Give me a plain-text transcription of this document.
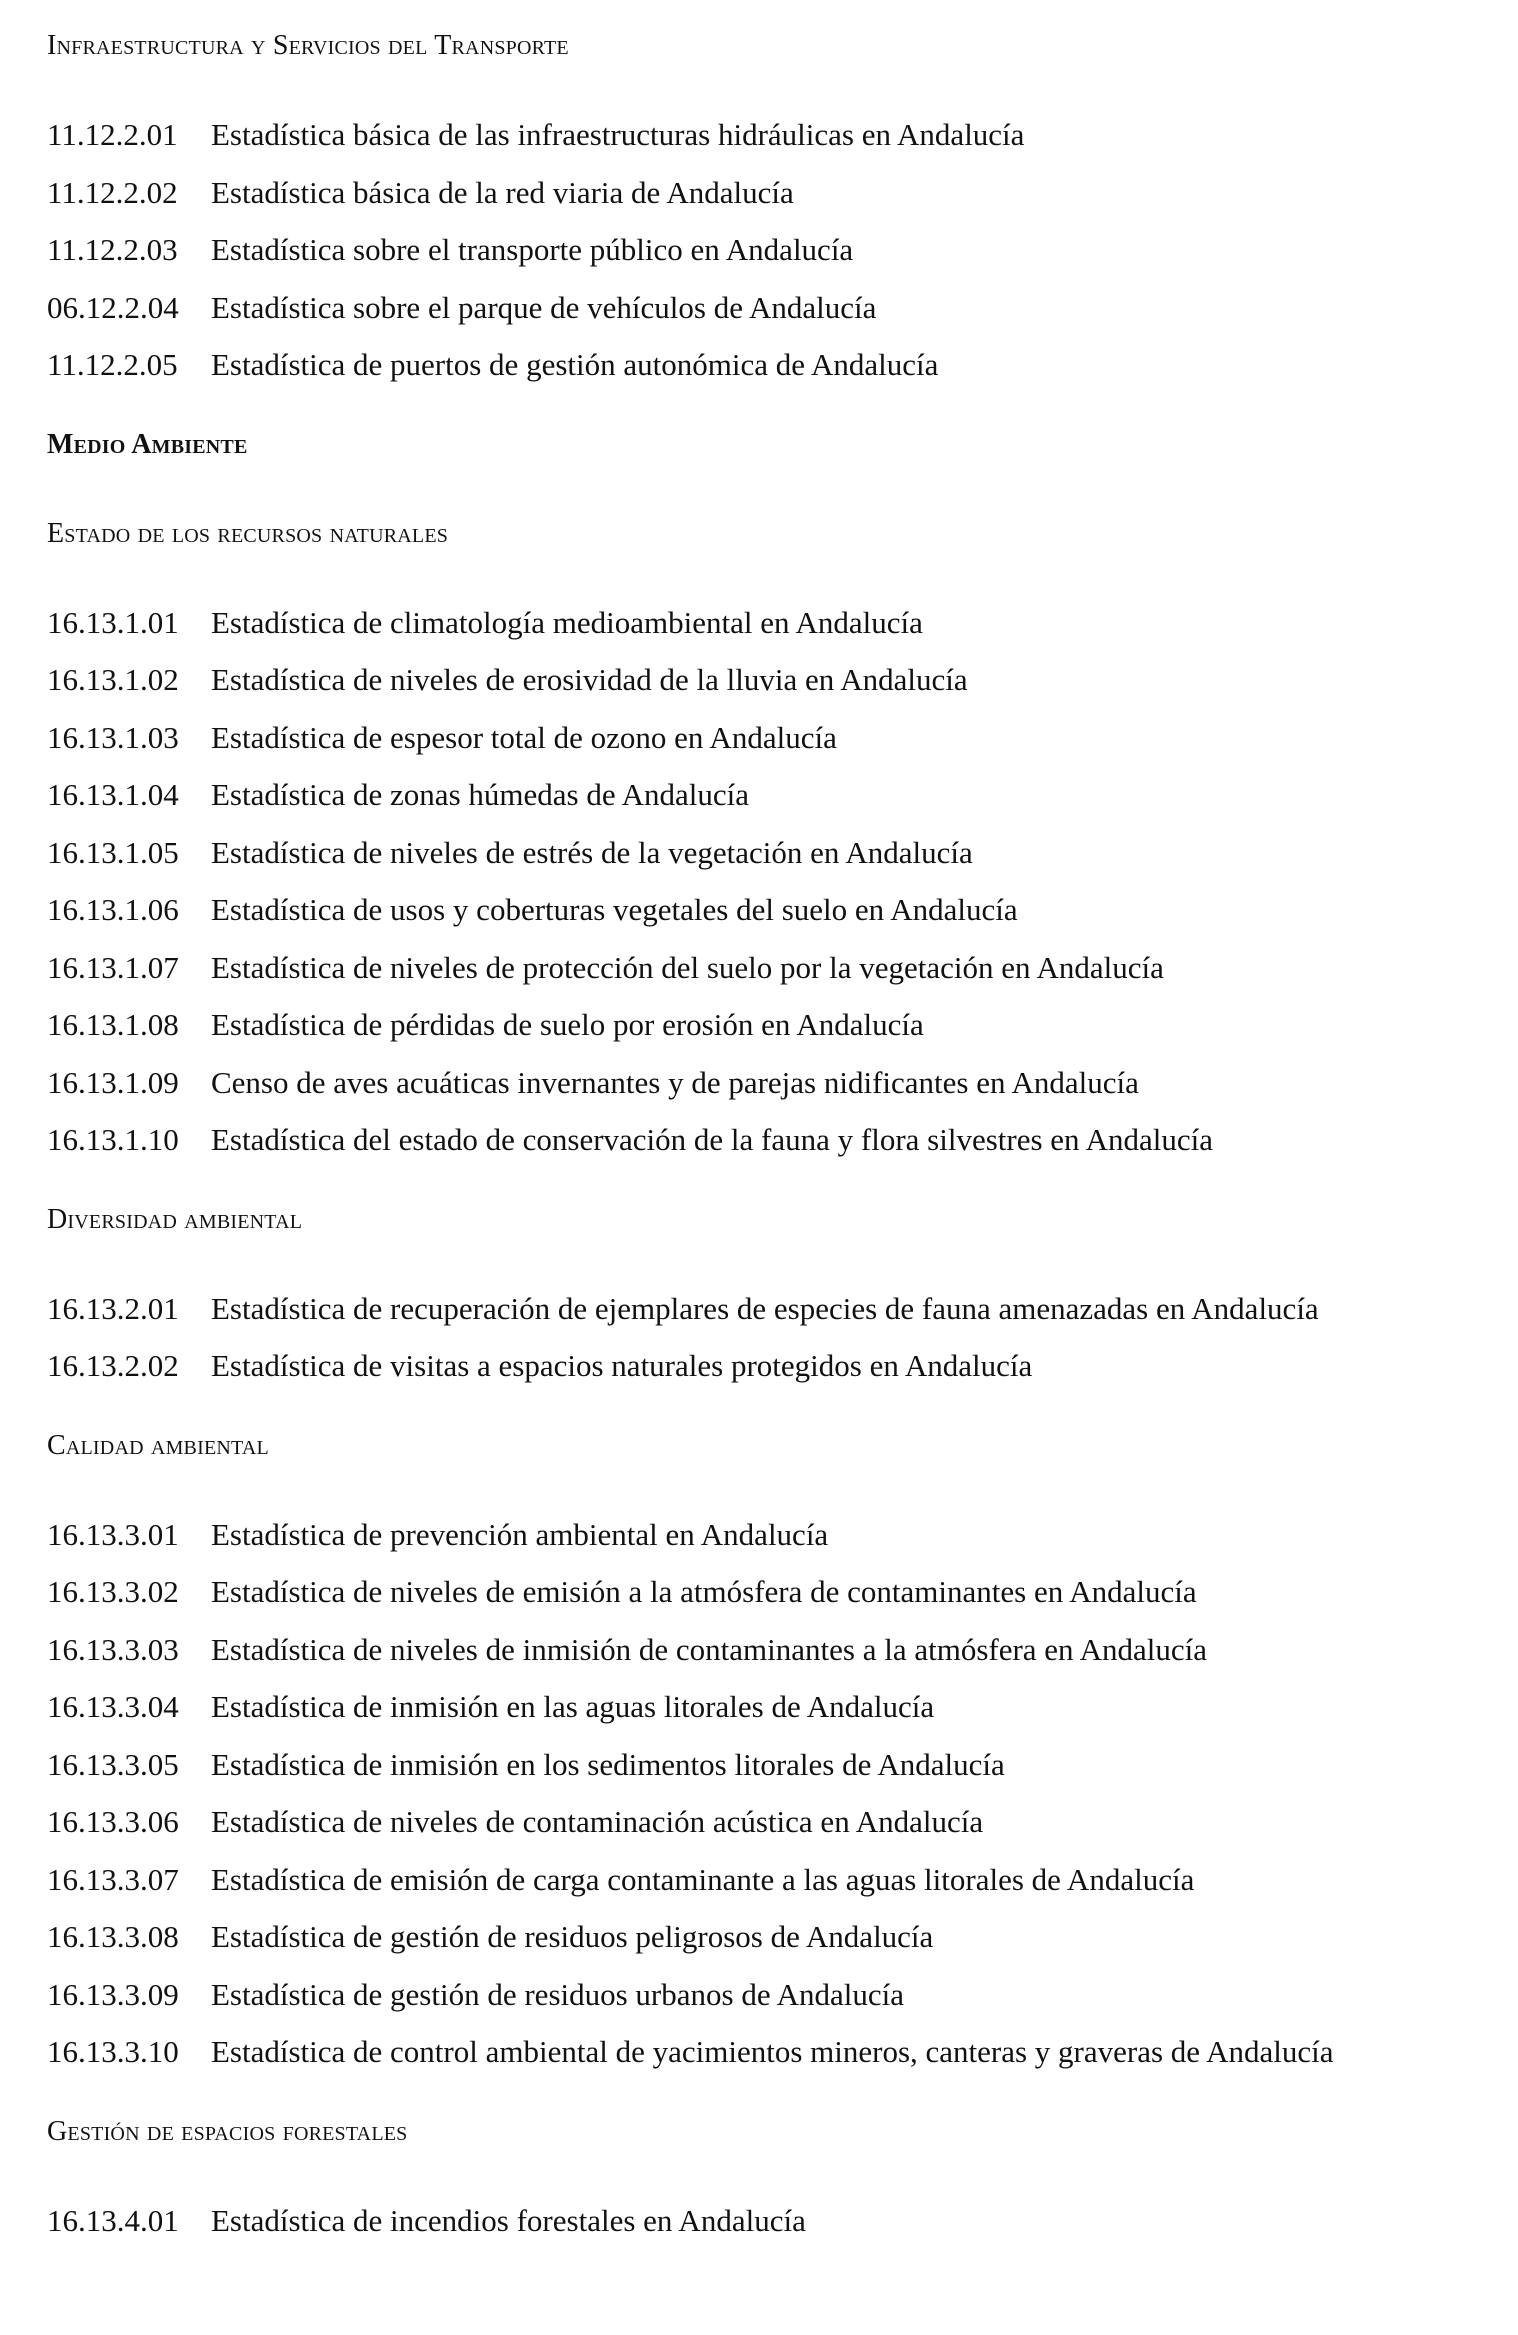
Infraestructura y Servicios del Transporte
11.12.2.01	Estadística básica de las infraestructuras hidráulicas en Andalucía
11.12.2.02	Estadística básica de la red viaria de Andalucía
11.12.2.03	Estadística sobre el transporte público en Andalucía
06.12.2.04	Estadística sobre el parque de vehículos de Andalucía
11.12.2.05	Estadística de puertos de gestión autonómica de Andalucía
Medio Ambiente
Estado de los recursos naturales
16.13.1.01	Estadística de climatología medioambiental en Andalucía
16.13.1.02	Estadística de niveles de erosividad de la lluvia en Andalucía
16.13.1.03	Estadística de espesor total de ozono en Andalucía
16.13.1.04	Estadística de zonas húmedas de Andalucía
16.13.1.05	Estadística de niveles de estrés de la vegetación en Andalucía
16.13.1.06	Estadística de usos y coberturas vegetales del suelo en Andalucía
16.13.1.07	Estadística de niveles de protección del suelo por la vegetación en Andalucía
16.13.1.08	Estadística de pérdidas de suelo por erosión en Andalucía
16.13.1.09	Censo de aves acuáticas invernantes y de parejas nidificantes en Andalucía
16.13.1.10	Estadística del estado de conservación de la fauna y flora silvestres en Andalucía
Diversidad ambiental
16.13.2.01	Estadística de recuperación de ejemplares de especies de fauna amenazadas en Andalucía
16.13.2.02	Estadística de visitas a espacios naturales protegidos en Andalucía
Calidad ambiental
16.13.3.01	Estadística de prevención ambiental en Andalucía
16.13.3.02	Estadística de niveles de emisión a la atmósfera de contaminantes en Andalucía
16.13.3.03	Estadística de niveles de inmisión de contaminantes a la atmósfera en Andalucía
16.13.3.04	Estadística de inmisión en las aguas litorales de Andalucía
16.13.3.05	Estadística de inmisión en los sedimentos litorales de Andalucía
16.13.3.06	Estadística de niveles de contaminación acústica en Andalucía
16.13.3.07	Estadística de emisión de carga contaminante a las aguas litorales de Andalucía
16.13.3.08	Estadística de gestión de residuos peligrosos de Andalucía
16.13.3.09	Estadística de gestión de residuos urbanos de Andalucía
16.13.3.10	Estadística de control ambiental de yacimientos mineros, canteras y graveras de Andalucía
Gestión de espacios forestales
16.13.4.01	Estadística de incendios forestales en Andalucía
